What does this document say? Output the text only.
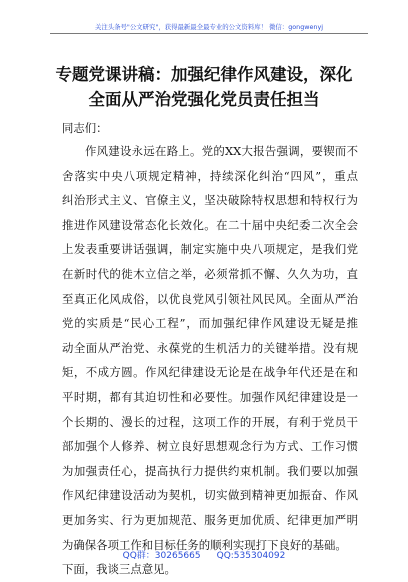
关注头条号"公文研究"，获得最新最全最专业的公文资料库！ 微信：gongwenyj
专题党课讲稿：加强纪律作风建设，深化
全面从严治党强化党员责任担当
同志们：
作风建设永远在路上。党的XX大报告强调，要锲而不
舍落实中央八项规定精神，持续深化纠治“四风”，重点
纠治形式主义、官僚主义，坚决破除特权思想和特权行为
推进作风建设常态化长效化。在二十届中央纪委二次全会
上发表重要讲话强调，制定实施中央八项规定，是我们党
在新时代的徙木立信之举，必须常抓不懈、久久为功，直
至真正化风成俗，以优良党风引领社风民风。全面从严治
党的实质是“民心工程”，而加强纪律作风建设无疑是推
动全面从严治党、永葆党的生机活力的关键举措。没有规
矩，不成方圆。作风纪律建设无论是在战争年代还是在和
平时期，都有其迫切性和必要性。加强作风纪律建设是一
个长期的、漫长的过程，这项工作的开展，有利于党员干
部加强个人修养、树立良好思想观念行为方式、工作习惯
为加强责任心，提高执行力提供约束机制。我们要以加强
作风纪律建设活动为契机，切实做到精神更加振奋、作风
更加务实、行为更加规范、服务更加优质、纪律更加严明
为确保各项工作和目标任务的顺利实现打下良好的基础。
下面，我谈三点意见。
QQ群：30265665 QQ:535304092
